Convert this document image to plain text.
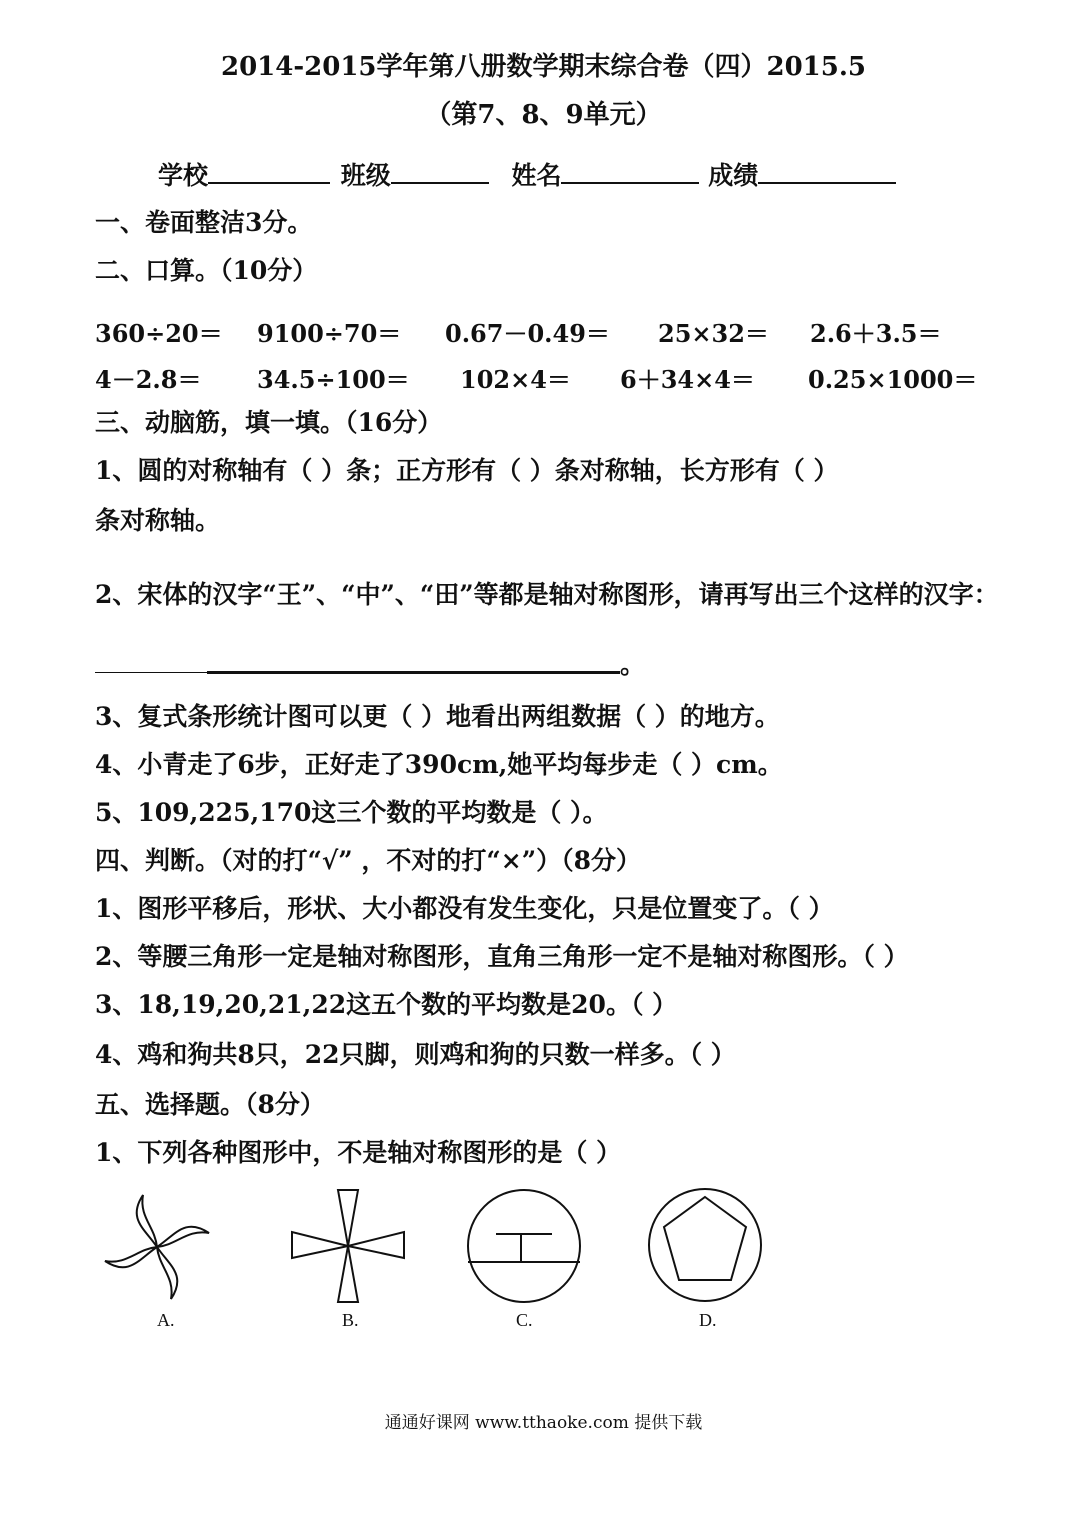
2014-2015学年第八册数学期末综合卷（四）2015.5
（第7、8、9单元）
学校	班级	姓名	成绩
一、卷面整洁3分。
二、口算。（10分）
360÷20＝ 9100÷70＝ 0.67－0.49＝ 25×32＝ 2.6＋3.5＝
4－2.8＝ 34.5÷100＝ 102×4＝ 6＋34×4＝ 0.25×1000＝
三、动脑筋，填一填。（16分）
1、圆的对称轴有（ ）条；正方形有（ ）条对称轴，长方形有（ ）
条对称轴。
2、宋体的汉字“王”、“中”、“田”等都是轴对称图形，请再写出三个这样的汉字：
。
3、复式条形统计图可以更（ ）地看出两组数据（ ）的地方。
4、小青走了6步，正好走了390cm,她平均每步走（ ）cm。
5、109,225,170这三个数的平均数是（ ）。
四、判断。（对的打“√” ，不对的打“×”）（8分）
1、图形平移后，形状、大小都没有发生变化，只是位置变了。（ ）
2、等腰三角形一定是轴对称图形，直角三角形一定不是轴对称图形。（ ）
3、18,19,20,21,22这五个数的平均数是20。（ ）
4、鸡和狗共8只，22只脚，则鸡和狗的只数一样多。（ ）
五、选择题。（8分）
1、下列各种图形中，不是轴对称图形的是（ ）
A.	B.	C.	D.
通通好课网 www.tthaoke.com 提供下载
